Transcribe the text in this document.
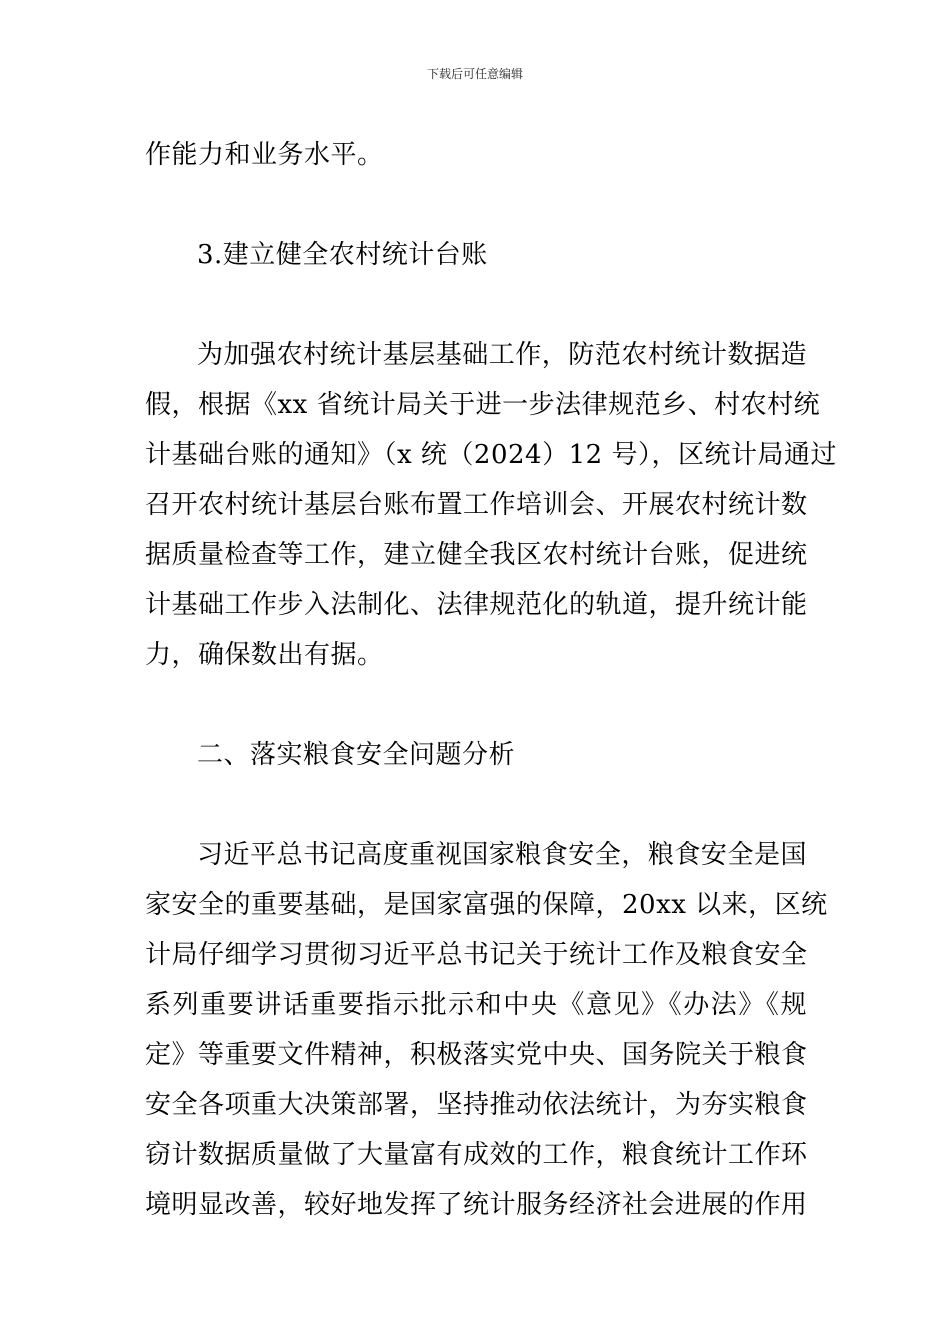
下载后可任意编辑
作能力和业务水平。
3.建立健全农村统计台账
为加强农村统计基层基础工作，防范农村统计数据造
假，根据《xx 省统计局关于进一步法律规范乡、村农村统
计基础台账的通知》（x 统（2024）12 号），区统计局通过
召开农村统计基层台账布置工作培训会、开展农村统计数
据质量检查等工作，建立健全我区农村统计台账，促进统
计基础工作步入法制化、法律规范化的轨道，提升统计能
力，确保数出有据。
二、落实粮食安全问题分析
习近平总书记高度重视国家粮食安全，粮食安全是国
家安全的重要基础，是国家富强的保障，20xx 以来，区统
计局仔细学习贯彻习近平总书记关于统计工作及粮食安全
系列重要讲话重要指示批示和中央《意见》《办法》《规
定》等重要文件精神，积极落实党中央、国务院关于粮食
安全各项重大决策部署，坚持推动依法统计，为夯实粮食
窃计数据质量做了大量富有成效的工作，粮食统计工作环
境明显改善，较好地发挥了统计服务经济社会进展的作用
